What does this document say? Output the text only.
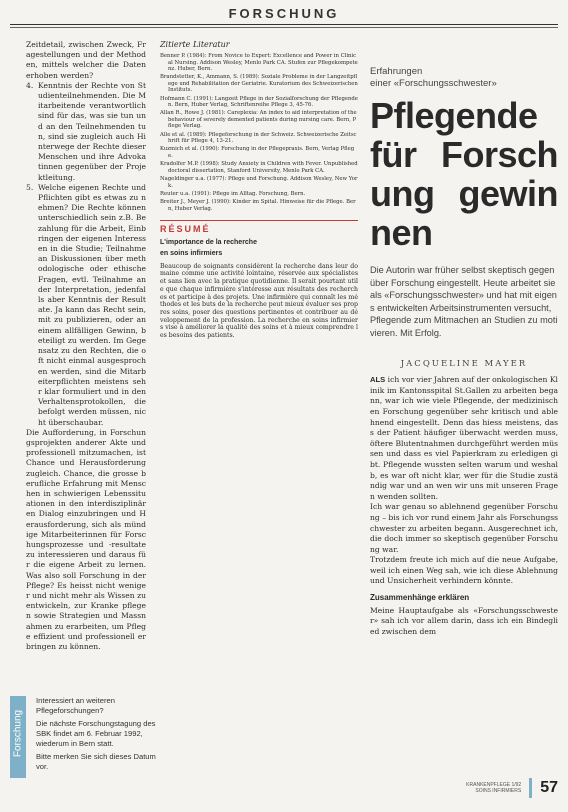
FORSCHUNG

Zeitdetail, zwischen Zweck, Fragestellungen und der Methoden, mittels welcher die Daten erhoben werden?

4. Kenntnis der Rechte von Studienteilnehmenden. Die Mitarbeitende verantwortlich sind für das, was sie tun und an den Teilnehmenden tun, sind sie zugleich auch Hinterwege der Rechte dieser Menschen und ihre Advokatinnen gegenüber der Projektleitung.
5. Welche eigenen Rechte und Pflichten gibt es etwas zu nehmen? Die Rechte können unterschiedlich sein z.B. Bezahlung für die Arbeit, Einbringen der eigenen Interessen in die Studie; Teilnahme an Diskussionen über methodologische oder ethische Fragen, evtl. Teilnahme an der Interpretation, jedenfalls aber Kenntnis der Resultate. Ja kann das Recht sein, mit zu publizieren, oder an einem allfälligen Gewinn, beteiligt zu werden. Im Gegensatz zu den Rechten, die oft nicht einmal ausgesprochen werden, sind die Mitarbeiterpflichten meistens sehr klar formuliert und in den Verhaltensprotokollen, die befolgt werden müssen, nicht überschaubar.

Die Aufforderung, in Forschungsprojekten anderer Akte und professionell mitzumachen, ist Chance und Herausforderung zugleich. Chance, die grosse berufliche Erfahrung mit Menschen in schwierigen Lebenssituationen in den interdisziplinären Dialog einzubringen und Herausforderung, sich als mündige Mitarbeiterinnen für Forschungsprozesse und -resultate zu interessieren und daraus für die eigene Arbeit zu lernen. Was also soll Forschung in der Pflege? Es heisst nicht weniger und nicht mehr als Wissen zu entwickeln, zur Kranke pflegen sowie Strategien und Massnahmen zu erarbeiten, um Pflege effizient und professionell erbringen zu können.

Forschung

Interessiert an weiteren Pflegeforschungen?

Die nächste Forschungstagung des SBK findet am 6. Februar 1992, wiederum in Bern statt.

Bitte merken Sie sich dieses Datum vor.

Zitierte Literatur

Benner P. (1984): From Novice to Expert: Excellence and Power in Clinical Nursing. Addison Wesley, Menlo Park CA. Stufen zur Pflegekompetenz. Huber, Bern.

Brandstetter, K., Ammann, S. (1989): Soziale Probleme in der Langzeitpflege und Rehabilitation der Geriatrie. Kuratorium des Schweizerischen Instituts.

Hofmann C. (1991): Langzeit Pflege in der Sozialforschung der Pflegenden. Bern, Huber Verlag, Schriftenreihe Pflege 3, 45-76.

Allan R., Rowe J. (1981): Careplexia: An index to aid interpretation of the behaviour of severely demented patients during nursing care. Bern, Pflege Verlag.

Alle et al. (1989): Pflegeforschung in der Schweiz. Schweizerische Zeitschrift für Pflege 4, 13-21.

Kuzmich et al. (1990): Forschung in der Pflegepraxis. Bern, Verlag Pflege.

Kradolfer M.P. (1998): Study Anxiety in Children with Fever. Unpublished doctoral dissertation, Stanford University, Menlo Park CA.

Nageldinger u.a. (1977): Pflege und Forschung. Addison Wesley, New York.

Reuter u.a. (1991): Pflege im Alltag. Forschung, Bern.

Breiter J., Meyer J. (1990): Kinder im Spital. Hinweise für die Pflege. Bern, Huber Verlag.

RÉSUMÉ
L'importance de la recherche
en soins infirmiers
Beaucoup de soignants considèrent la recherche dans leur domaine comme une activité lointaine, réservée aux spécialistes et sans lien avec la pratique quotidienne. Il serait pourtant utile que chaque infirmière s'intéresse aux résultats des recherches et participe à des projets. Une infirmière qui connaît les méthodes et les buts de la recherche peut mieux évaluer ses propres soins, poser des questions pertinentes et contribuer au développement de la profession. La recherche en soins infirmiers vise à améliorer la qualité des soins et à mieux comprendre les besoins des patients.
Erfahrungen
einer «Forschungsschwester»
Pflegende für Forschung gewinnen
Die Autorin war früher selbst skeptisch gegenüber Forschung eingestellt. Heute arbeitet sie als «Forschungsschwester» und hat mit eigens entwickelten Arbeitsinstrumenten versucht, Pflegende zum Mitmachen an Studien zu motivieren. Mit Erfolg.
JACQUELINE MAYER

ALS ich vor vier Jahren auf der onkologischen Klinik im Kantonsspital St.Gallen zu arbeiten begann, war ich wie viele Pflegende, der medizinischen Forschung gegenüber sehr kritisch und ablehnend eingestellt. Denn das hiess meistens, dass der Patient häufiger überwacht werden muss, öftere Blutentnahmen durchgeführt werden müssen und dass es viel Papierkram zu erledigen gibt. Pflegende wussten selten warum und weshalb, es war oft nicht klar, wer für die Studie zuständig war und an wen wir uns mit unseren Fragen wenden sollten.

Ich war genau so ablehnend gegenüber Forschung – bis ich vor rund einem Jahr als Forschungsschwester zu arbeiten begann. Ausgerechnet ich, die doch immer so skeptisch gegenüber Forschung war.

Trotzdem freute ich mich auf die neue Aufgabe, weil ich einen Weg sah, wie ich diese Ablehnung und Unsicherheit verhindern könnte.

Zusammenhänge erklären

Meine Hauptaufgabe als «Forschungsschwester» sah ich vor allem darin, dass ich ein Bindeglied zwischen dem

KRANKENPFLEGE 1/92
SOINS INFIRMIERS 57
